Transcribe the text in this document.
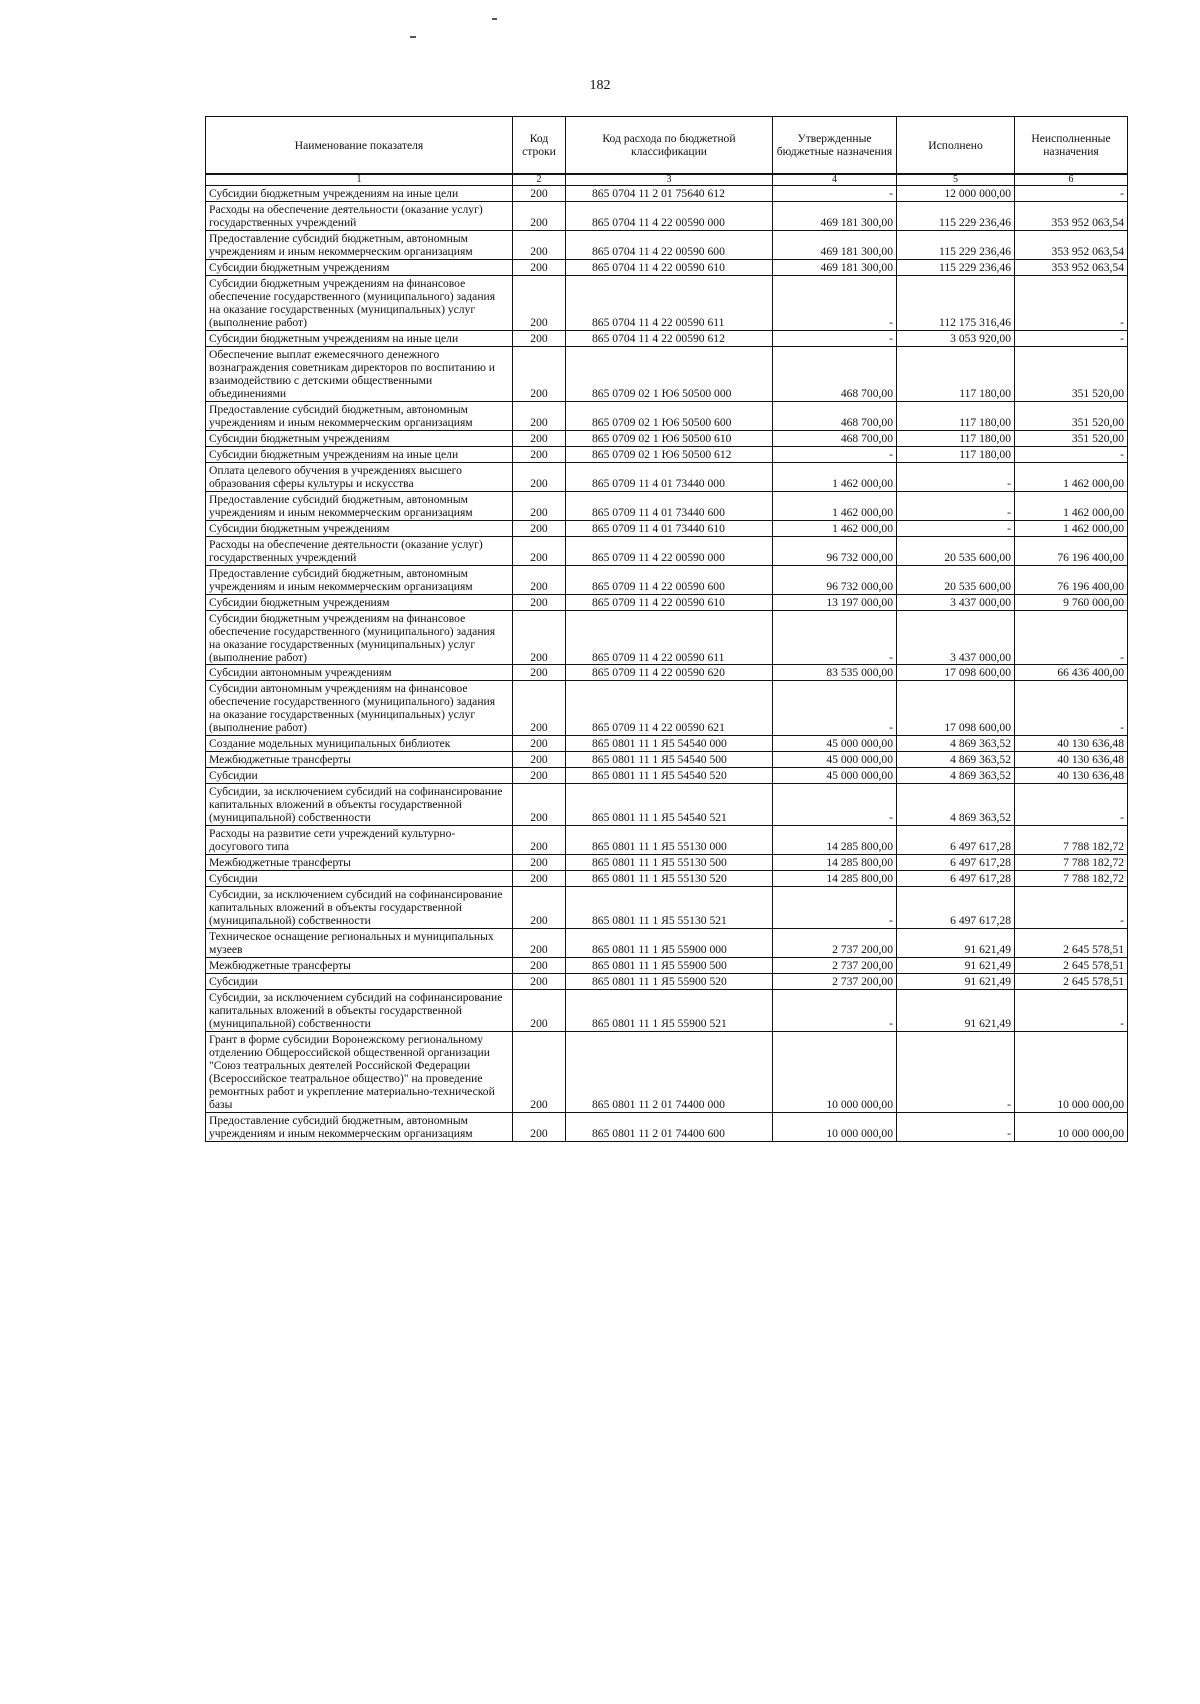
182
Наименование показателя	Код строки	Код расхода по бюджетной классификации	Утвержденные бюджетные назначения	Исполнено	Неисполненные назначения
1	2	3	4	5	6
Субсидии бюджетным учреждениям на иные цели	200	865 0704 11 2 01 75640 612	-	12 000 000,00	-
Расходы на обеспечение деятельности (оказание услуг) государственных учреждений	200	865 0704 11 4 22 00590 000	469 181 300,00	115 229 236,46	353 952 063,54
Предоставление субсидий бюджетным, автономным учреждениям и иным некоммерческим организациям	200	865 0704 11 4 22 00590 600	469 181 300,00	115 229 236,46	353 952 063,54
Субсидии бюджетным учреждениям	200	865 0704 11 4 22 00590 610	469 181 300,00	115 229 236,46	353 952 063,54
Субсидии бюджетным учреждениям на финансовое обеспечение государственного (муниципального) задания на оказание государственных (муниципальных) услуг (выполнение работ)	200	865 0704 11 4 22 00590 611	-	112 175 316,46	-
Субсидии бюджетным учреждениям на иные цели	200	865 0704 11 4 22 00590 612	-	3 053 920,00	-
Обеспечение выплат ежемесячного денежного вознаграждения советникам директоров по воспитанию и взаимодействию с детскими общественными объединениями	200	865 0709 02 1 Ю6 50500 000	468 700,00	117 180,00	351 520,00
Предоставление субсидий бюджетным, автономным учреждениям и иным некоммерческим организациям	200	865 0709 02 1 Ю6 50500 600	468 700,00	117 180,00	351 520,00
Субсидии бюджетным учреждениям	200	865 0709 02 1 Ю6 50500 610	468 700,00	117 180,00	351 520,00
Субсидии бюджетным учреждениям на иные цели	200	865 0709 02 1 Ю6 50500 612	-	117 180,00	-
Оплата целевого обучения в учреждениях высшего образования сферы культуры и искусства	200	865 0709 11 4 01 73440 000	1 462 000,00	-	1 462 000,00
Предоставление субсидий бюджетным, автономным учреждениям и иным некоммерческим организациям	200	865 0709 11 4 01 73440 600	1 462 000,00	-	1 462 000,00
Субсидии бюджетным учреждениям	200	865 0709 11 4 01 73440 610	1 462 000,00	-	1 462 000,00
Расходы на обеспечение деятельности (оказание услуг) государственных учреждений	200	865 0709 11 4 22 00590 000	96 732 000,00	20 535 600,00	76 196 400,00
Предоставление субсидий бюджетным, автономным учреждениям и иным некоммерческим организациям	200	865 0709 11 4 22 00590 600	96 732 000,00	20 535 600,00	76 196 400,00
Субсидии бюджетным учреждениям	200	865 0709 11 4 22 00590 610	13 197 000,00	3 437 000,00	9 760 000,00
Субсидии бюджетным учреждениям на финансовое обеспечение государственного (муниципального) задания на оказание государственных (муниципальных) услуг (выполнение работ)	200	865 0709 11 4 22 00590 611	-	3 437 000,00	-
Субсидии автономным учреждениям	200	865 0709 11 4 22 00590 620	83 535 000,00	17 098 600,00	66 436 400,00
Субсидии автономным учреждениям на финансовое обеспечение государственного (муниципального) задания на оказание государственных (муниципальных) услуг (выполнение работ)	200	865 0709 11 4 22 00590 621	-	17 098 600,00	-
Создание модельных муниципальных библиотек	200	865 0801 11 1 Я5 54540 000	45 000 000,00	4 869 363,52	40 130 636,48
Межбюджетные трансферты	200	865 0801 11 1 Я5 54540 500	45 000 000,00	4 869 363,52	40 130 636,48
Субсидии	200	865 0801 11 1 Я5 54540 520	45 000 000,00	4 869 363,52	40 130 636,48
Субсидии, за исключением субсидий на софинансирование капитальных вложений в объекты государственной (муниципальной) собственности	200	865 0801 11 1 Я5 54540 521	-	4 869 363,52	-
Расходы на развитие сети учреждений культурно-досугового типа	200	865 0801 11 1 Я5 55130 000	14 285 800,00	6 497 617,28	7 788 182,72
Межбюджетные трансферты	200	865 0801 11 1 Я5 55130 500	14 285 800,00	6 497 617,28	7 788 182,72
Субсидии	200	865 0801 11 1 Я5 55130 520	14 285 800,00	6 497 617,28	7 788 182,72
Субсидии, за исключением субсидий на софинансирование капитальных вложений в объекты государственной (муниципальной) собственности	200	865 0801 11 1 Я5 55130 521	-	6 497 617,28	-
Техническое оснащение региональных и муниципальных музеев	200	865 0801 11 1 Я5 55900 000	2 737 200,00	91 621,49	2 645 578,51
Межбюджетные трансферты	200	865 0801 11 1 Я5 55900 500	2 737 200,00	91 621,49	2 645 578,51
Субсидии	200	865 0801 11 1 Я5 55900 520	2 737 200,00	91 621,49	2 645 578,51
Субсидии, за исключением субсидий на софинансирование капитальных вложений в объекты государственной (муниципальной) собственности	200	865 0801 11 1 Я5 55900 521	-	91 621,49	-
Грант в форме субсидии Воронежскому региональному отделению Общероссийской общественной организации "Союз театральных деятелей Российской Федерации (Всероссийское театральное общество)" на проведение ремонтных работ и укрепление материально-технической базы	200	865 0801 11 2 01 74400 000	10 000 000,00	-	10 000 000,00
Предоставление субсидий бюджетным, автономным учреждениям и иным некоммерческим организациям	200	865 0801 11 2 01 74400 600	10 000 000,00	-	10 000 000,00
